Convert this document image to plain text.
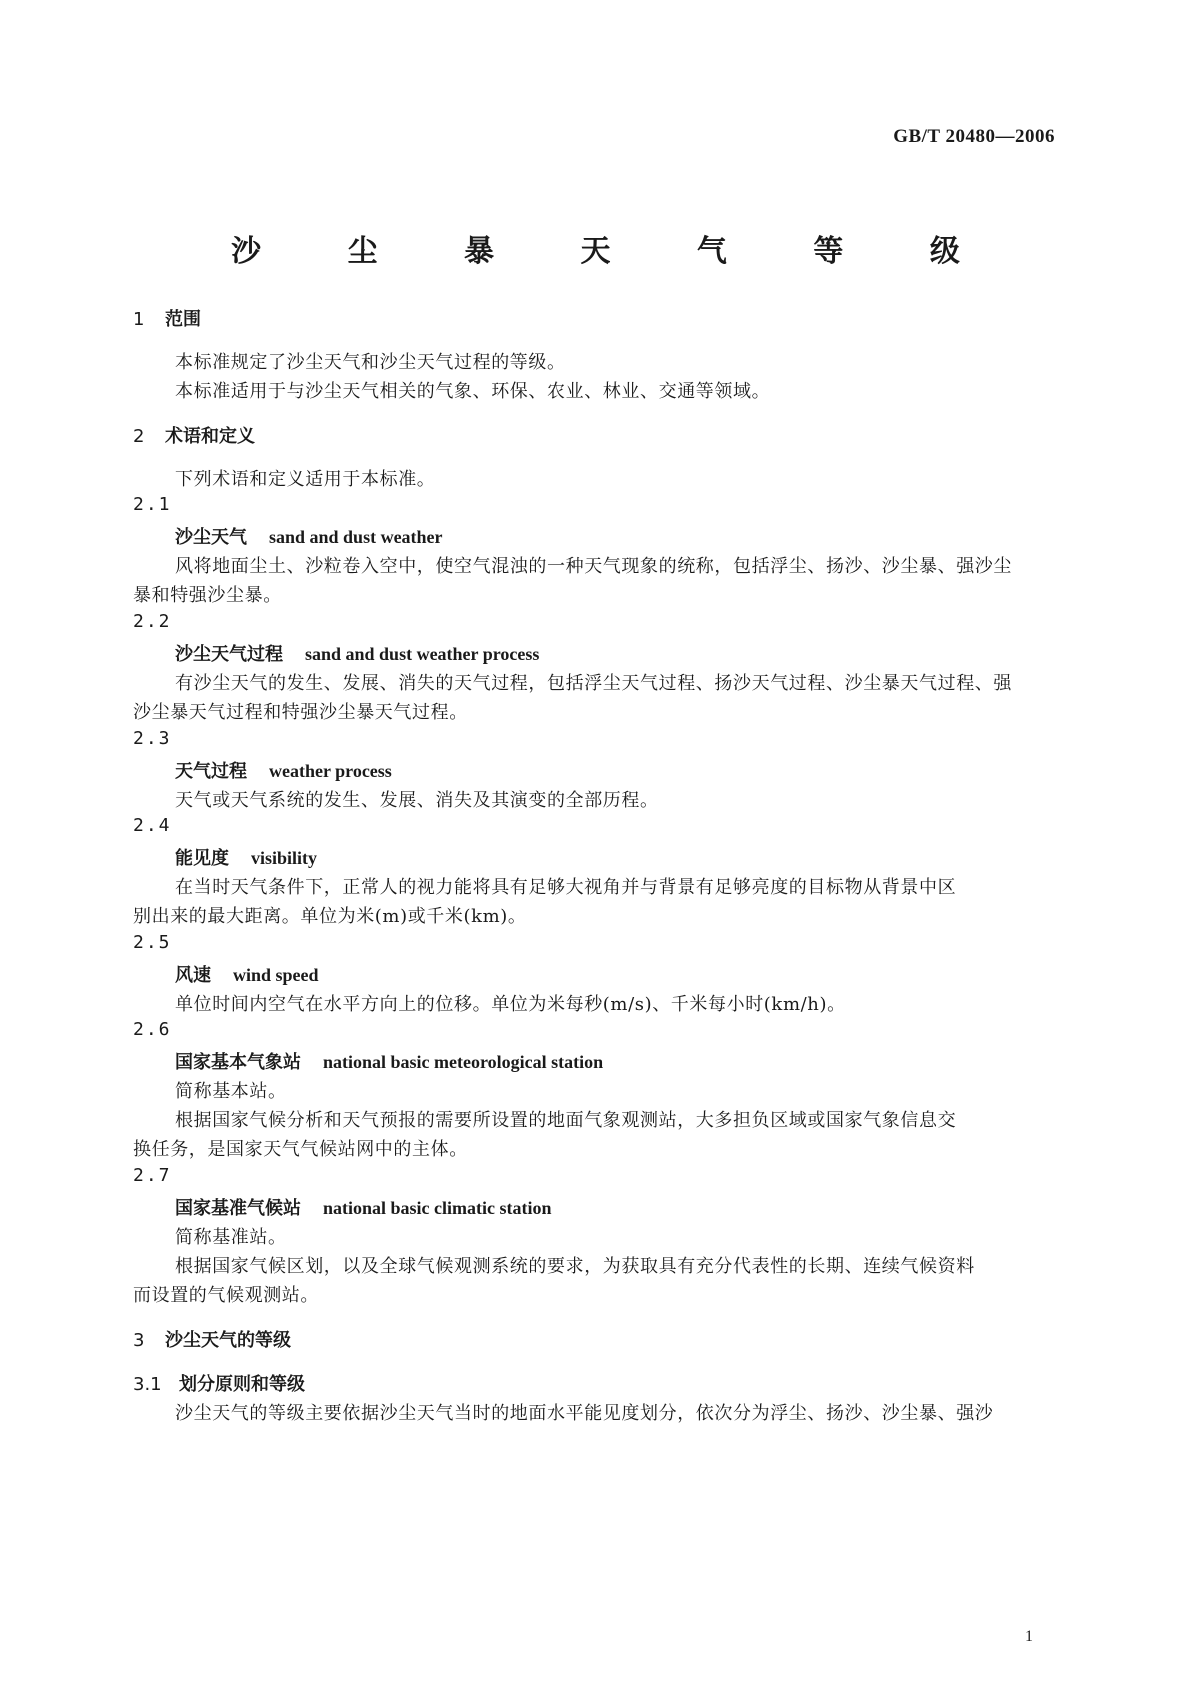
GB/T 20480—2006
沙 尘 暴 天 气 等 级
1 范围
本标准规定了沙尘天气和沙尘天气过程的等级。
本标准适用于与沙尘天气相关的气象、环保、农业、林业、交通等领域。
2 术语和定义
下列术语和定义适用于本标准。
2.1
沙尘天气 sand and dust weather
风将地面尘土、沙粒卷入空中，使空气混浊的一种天气现象的统称，包括浮尘、扬沙、沙尘暴、强沙尘
暴和特强沙尘暴。
2.2
沙尘天气过程 sand and dust weather process
有沙尘天气的发生、发展、消失的天气过程，包括浮尘天气过程、扬沙天气过程、沙尘暴天气过程、强
沙尘暴天气过程和特强沙尘暴天气过程。
2.3
天气过程 weather process
天气或天气系统的发生、发展、消失及其演变的全部历程。
2.4
能见度 visibility
在当时天气条件下，正常人的视力能将具有足够大视角并与背景有足够亮度的目标物从背景中区
别出来的最大距离。单位为米(m)或千米(km)。
2.5
风速 wind speed
单位时间内空气在水平方向上的位移。单位为米每秒(m/s)、千米每小时(km/h)。
2.6
国家基本气象站 national basic meteorological station
简称基本站。
根据国家气候分析和天气预报的需要所设置的地面气象观测站，大多担负区域或国家气象信息交
换任务，是国家天气气候站网中的主体。
2.7
国家基准气候站 national basic climatic station
简称基准站。
根据国家气候区划，以及全球气候观测系统的要求，为获取具有充分代表性的长期、连续气候资料
而设置的气候观测站。
3 沙尘天气的等级
3.1 划分原则和等级
沙尘天气的等级主要依据沙尘天气当时的地面水平能见度划分，依次分为浮尘、扬沙、沙尘暴、强沙
1
